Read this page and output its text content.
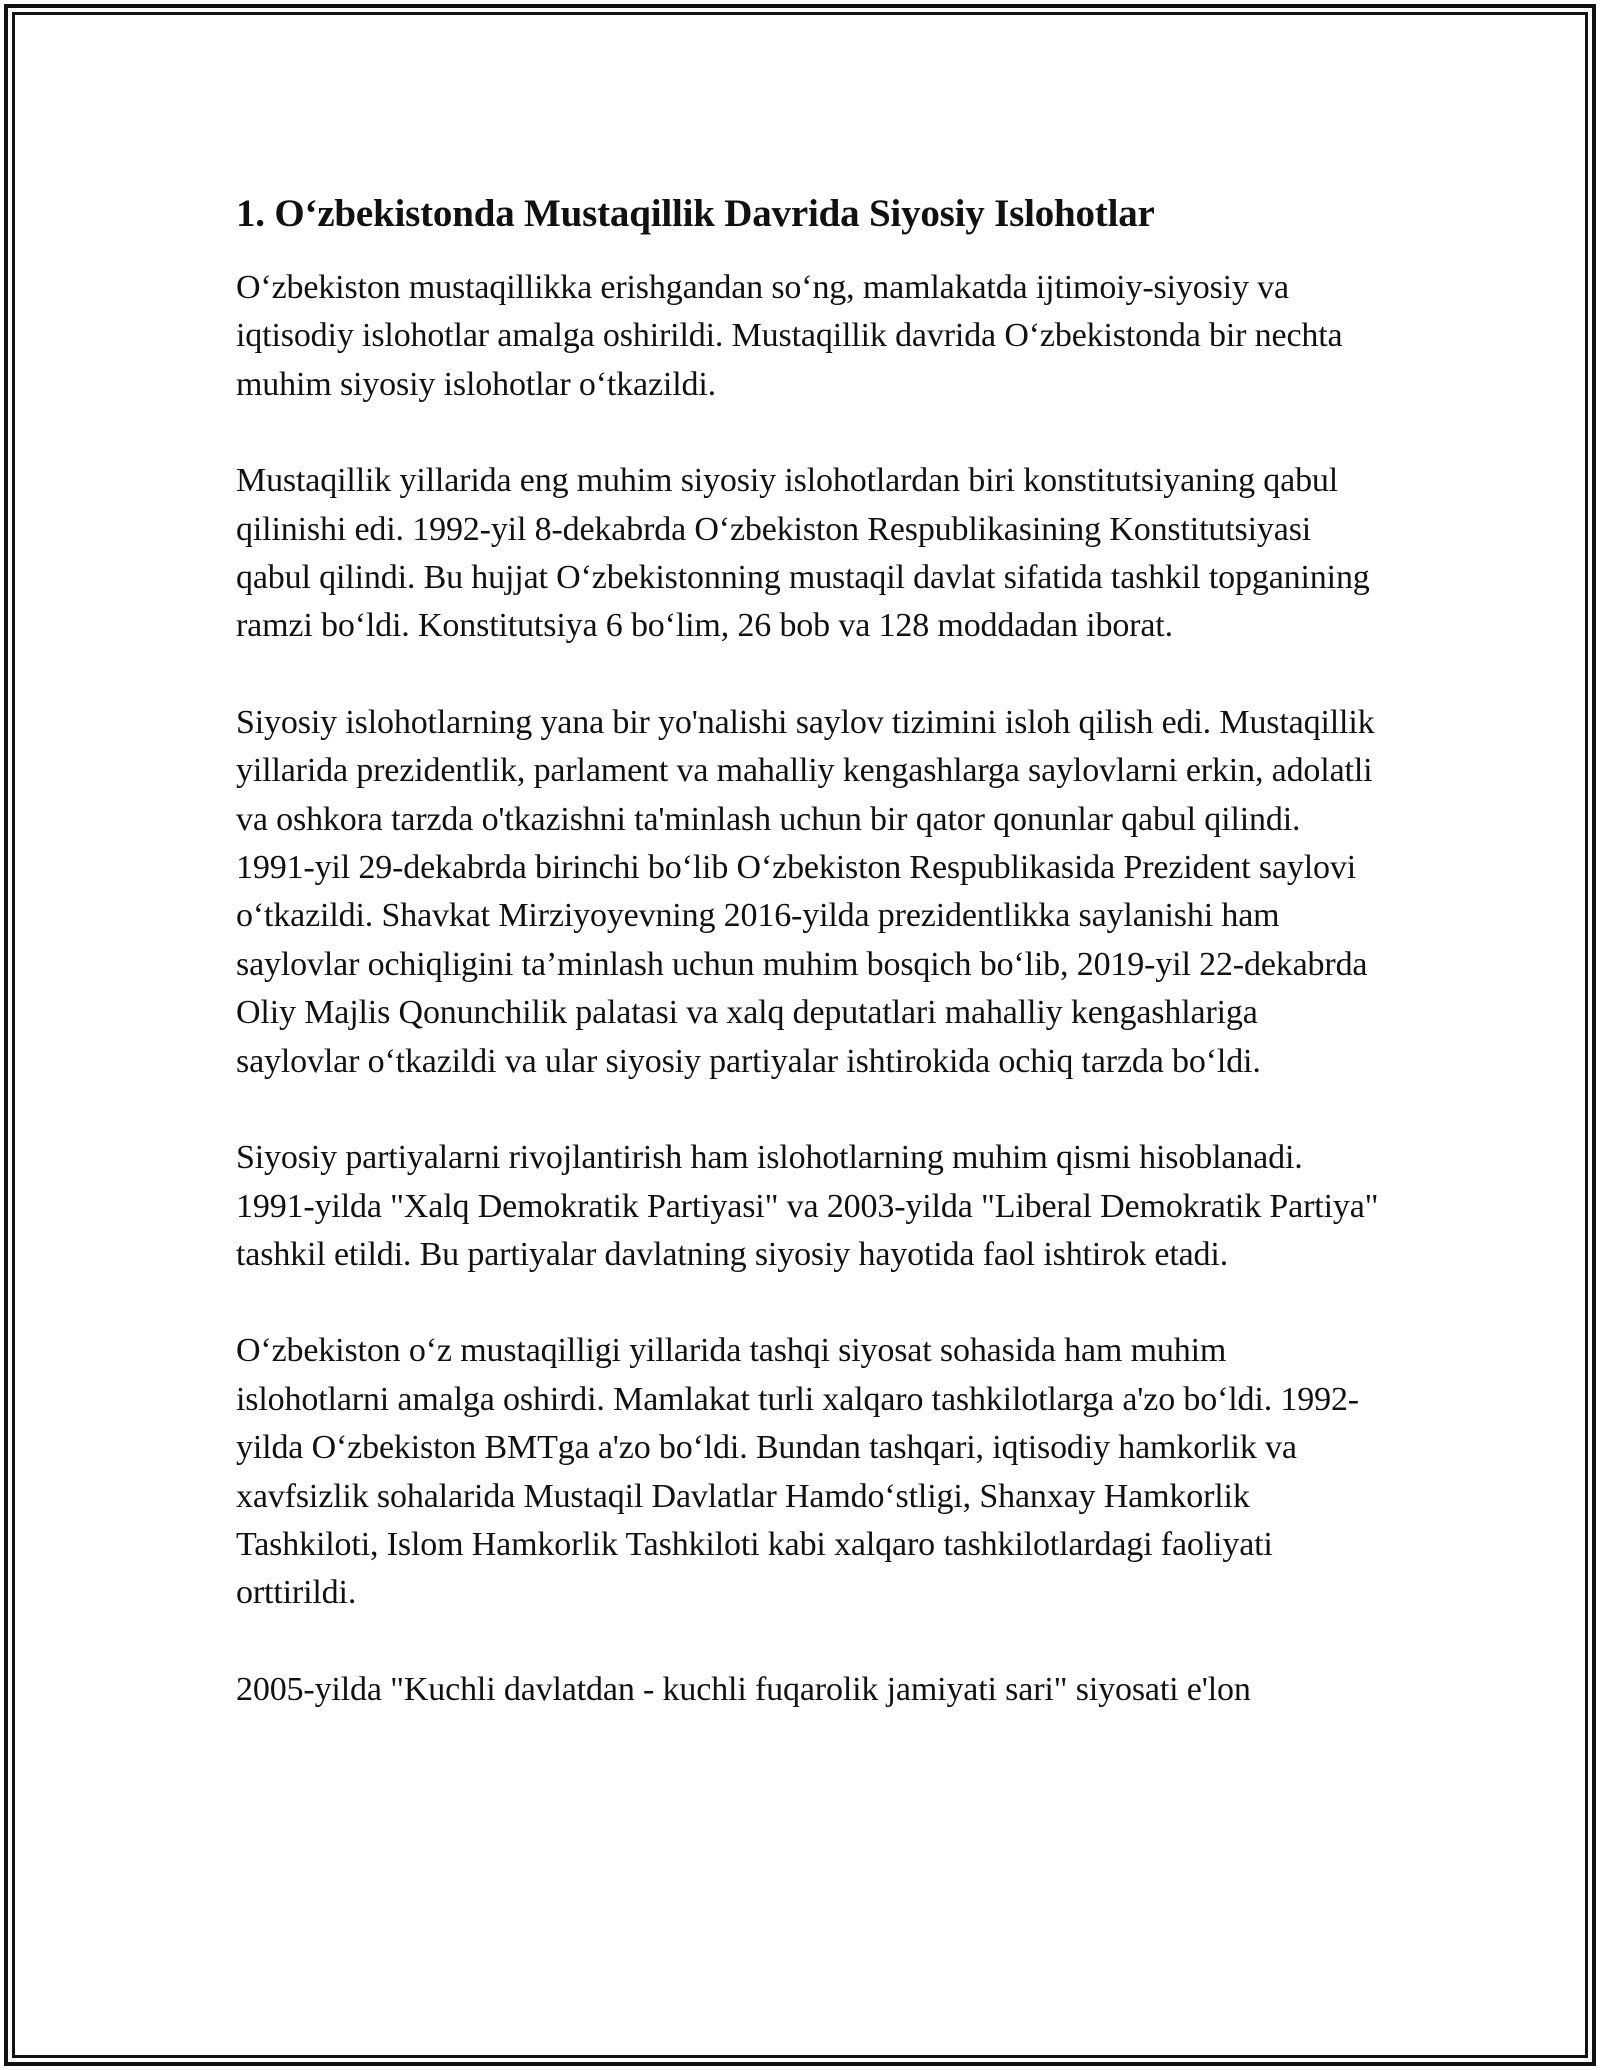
1. O‘zbekistonda Mustaqillik Davrida Siyosiy Islohotlar

O‘zbekiston mustaqillikka erishgandan so‘ng, mamlakatda ijtimoiy-siyosiy va iqtisodiy islohotlar amalga oshirildi. Mustaqillik davrida O‘zbekistonda bir nechta muhim siyosiy islohotlar o‘tkazildi.

Mustaqillik yillarida eng muhim siyosiy islohotlardan biri konstitutsiyaning qabul qilinishi edi. 1992-yil 8-dekabrda O‘zbekiston Respublikasining Konstitutsiyasi qabul qilindi. Bu hujjat O‘zbekistonning mustaqil davlat sifatida tashkil topganining ramzi bo‘ldi. Konstitutsiya 6 bo‘lim, 26 bob va 128 moddadan iborat.

Siyosiy islohotlarning yana bir yo'nalishi saylov tizimini isloh qilish edi. Mustaqillik yillarida prezidentlik, parlament va mahalliy kengashlarga saylovlarni erkin, adolatli va oshkora tarzda o'tkazishni ta'minlash uchun bir qator qonunlar qabul qilindi. 1991-yil 29-dekabrda birinchi bo‘lib O‘zbekiston Respublikasida Prezident saylovi o‘tkazildi. Shavkat Mirziyoyevning 2016-yilda prezidentlikka saylanishi ham saylovlar ochiqligini ta’minlash uchun muhim bosqich bo‘lib, 2019-yil 22-dekabrda Oliy Majlis Qonunchilik palatasi va xalq deputatlari mahalliy kengashlariga saylovlar o‘tkazildi va ular siyosiy partiyalar ishtirokida ochiq tarzda bo‘ldi.

Siyosiy partiyalarni rivojlantirish ham islohotlarning muhim qismi hisoblanadi. 1991-yilda "Xalq Demokratik Partiyasi" va 2003-yilda "Liberal Demokratik Partiya" tashkil etildi. Bu partiyalar davlatning siyosiy hayotida faol ishtirok etadi.

O‘zbekiston o‘z mustaqilligi yillarida tashqi siyosat sohasida ham muhim islohotlarni amalga oshirdi. Mamlakat turli xalqaro tashkilotlarga a'zo bo‘ldi. 1992-yilda O‘zbekiston BMTga a'zo bo‘ldi. Bundan tashqari, iqtisodiy hamkorlik va xavfsizlik sohalarida Mustaqil Davlatlar Hamdo‘stligi, Shanxay Hamkorlik Tashkiloti, Islom Hamkorlik Tashkiloti kabi xalqaro tashkilotlardagi faoliyati orttirildi.

2005-yilda "Kuchli davlatdan - kuchli fuqarolik jamiyati sari" siyosati e'lon
